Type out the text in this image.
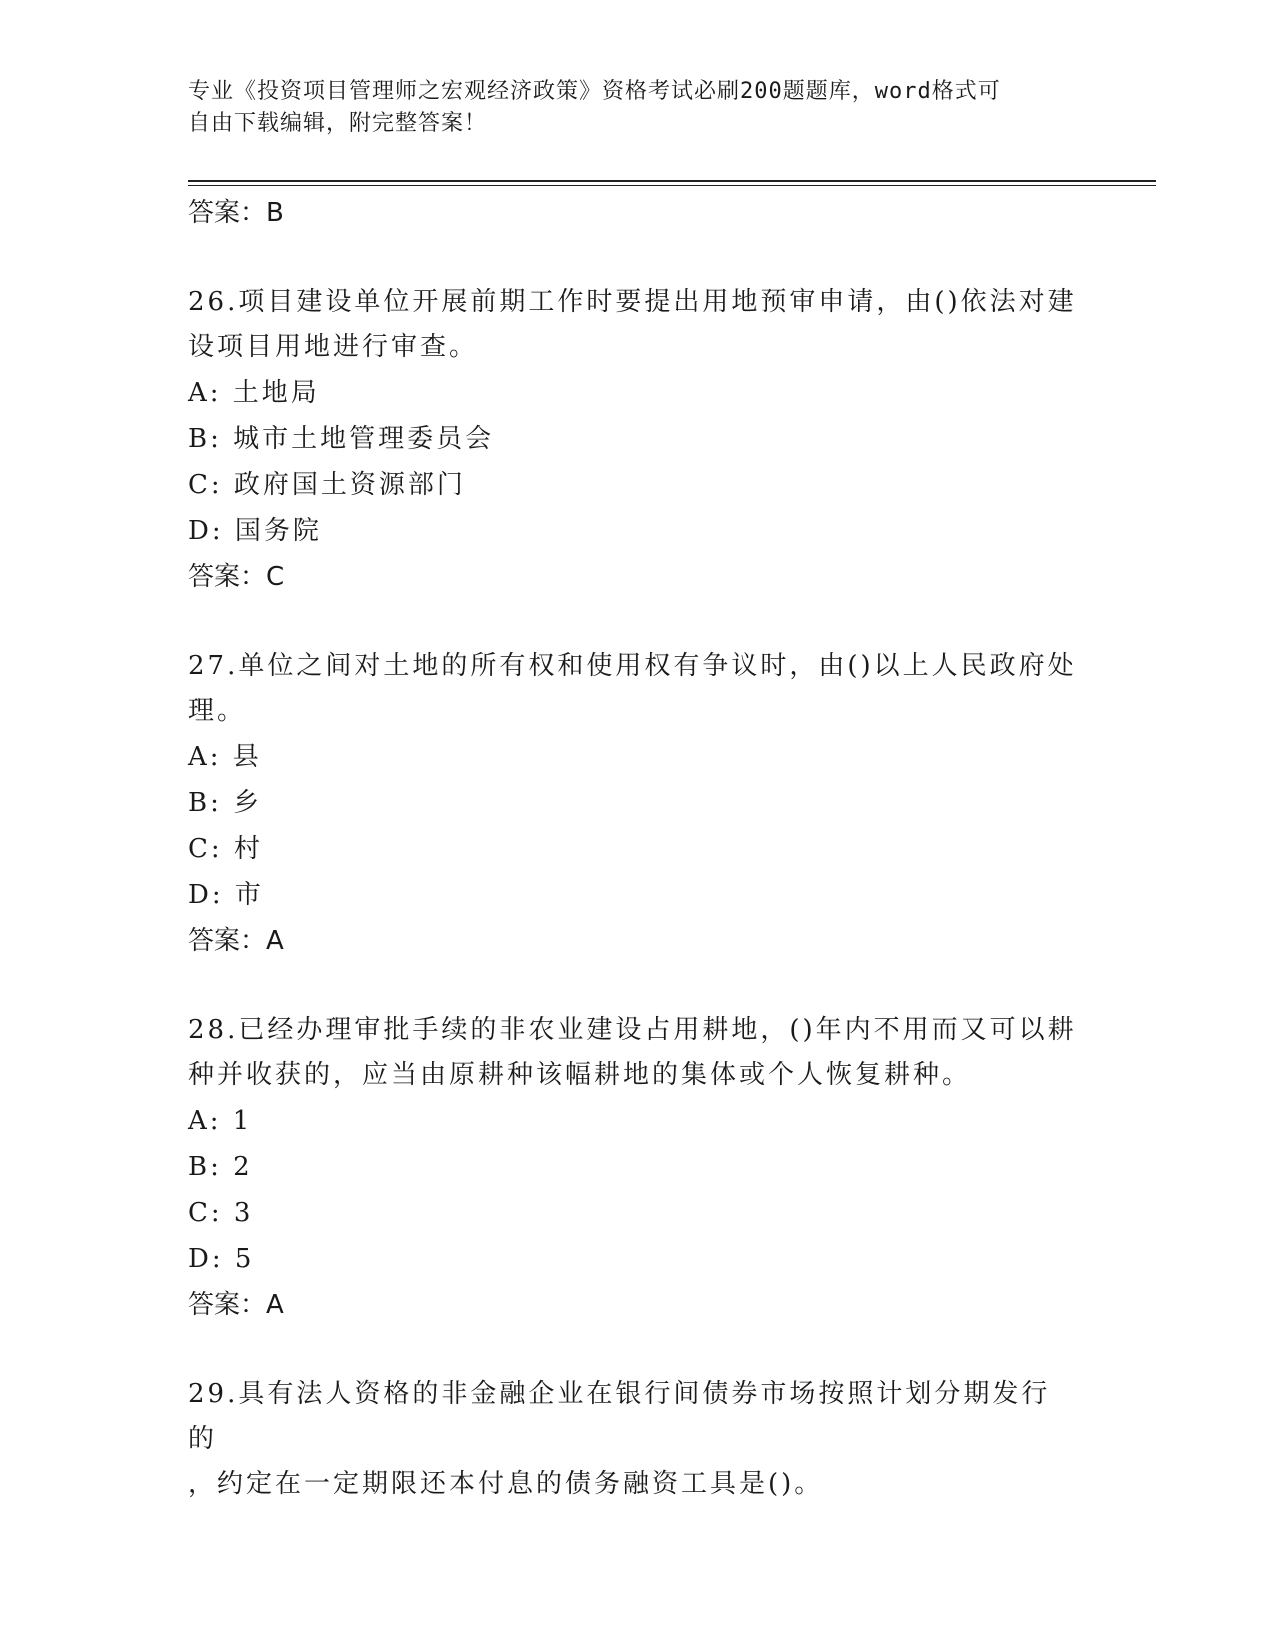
专业《投资项目管理师之宏观经济政策》资格考试必刷200题题库，word格式可
自由下载编辑，附完整答案！
答案：B
26.项目建设单位开展前期工作时要提出用地预审申请，由()依法对建
设项目用地进行审查。
A: 土地局
B: 城市土地管理委员会
C: 政府国土资源部门
D: 国务院
答案：C
27.单位之间对土地的所有权和使用权有争议时，由()以上人民政府处
理。
A: 县
B: 乡
C: 村
D: 市
答案：A
28.已经办理审批手续的非农业建设占用耕地，()年内不用而又可以耕
种并收获的，应当由原耕种该幅耕地的集体或个人恢复耕种。
A: 1
B: 2
C: 3
D: 5
答案：A
29.具有法人资格的非金融企业在银行间债券市场按照计划分期发行的
，约定在一定期限还本付息的债务融资工具是()。
